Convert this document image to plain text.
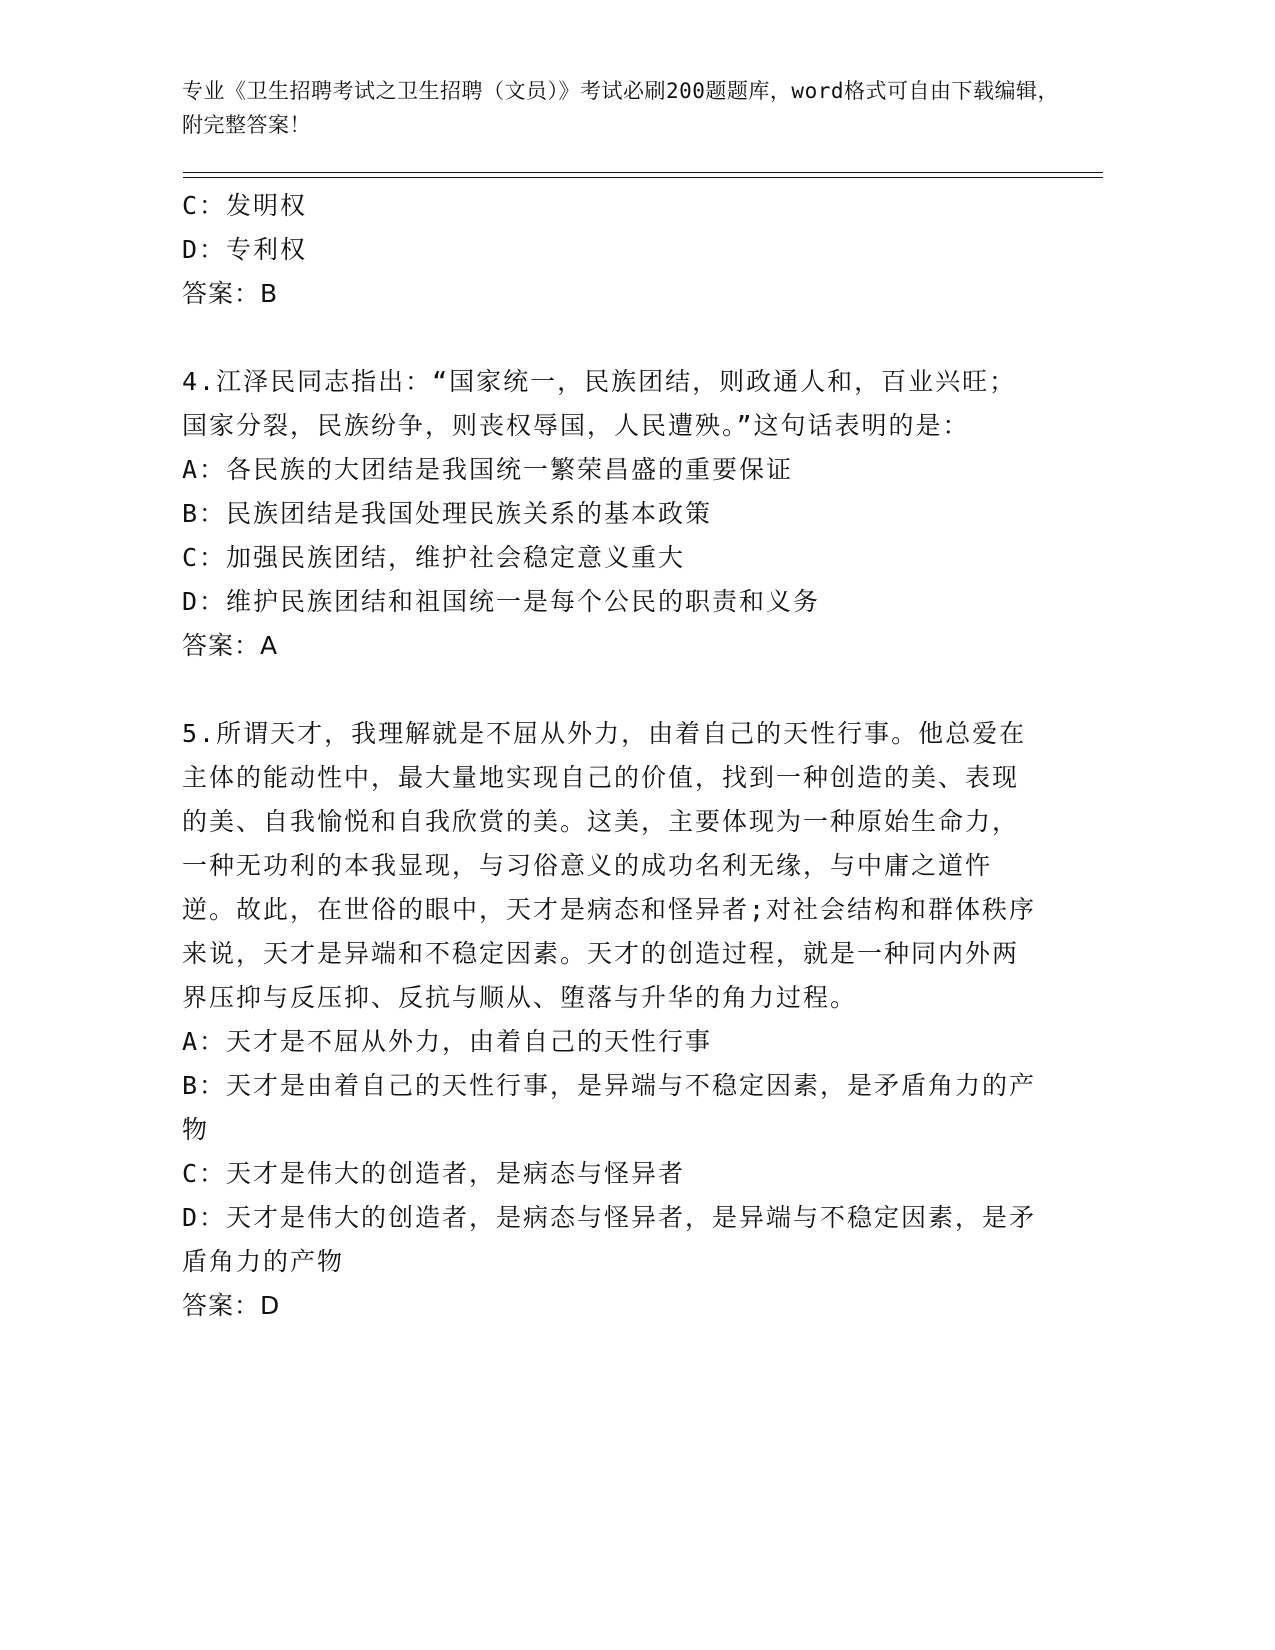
专业《卫生招聘考试之卫生招聘（文员）》考试必刷200题题库，word格式可自由下载编辑，附完整答案！
C：发明权
D：专利权
答案：B
4.江泽民同志指出：“国家统一，民族团结，则政通人和，百业兴旺；国家分裂，民族纷争，则丧权辱国，人民遭殃。”这句话表明的是：
A：各民族的大团结是我国统一繁荣昌盛的重要保证
B：民族团结是我国处理民族关系的基本政策
C：加强民族团结，维护社会稳定意义重大
D：维护民族团结和祖国统一是每个公民的职责和义务
答案：A
5.所谓天才，我理解就是不屈从外力，由着自己的天性行事。他总爱在主体的能动性中，最大量地实现自己的价值，找到一种创造的美、表现的美、自我愉悦和自我欣赏的美。这美，主要体现为一种原始生命力，一种无功利的本我显现，与习俗意义的成功名利无缘，与中庸之道忤逆。故此，在世俗的眼中，天才是病态和怪异者;对社会结构和群体秩序来说，天才是异端和不稳定因素。天才的创造过程，就是一种同内外两界压抑与反压抑、反抗与顺从、堕落与升华的角力过程。
A：天才是不屈从外力，由着自己的天性行事
B：天才是由着自己的天性行事，是异端与不稳定因素，是矛盾角力的产物
C：天才是伟大的创造者，是病态与怪异者
D：天才是伟大的创造者，是病态与怪异者，是异端与不稳定因素，是矛盾角力的产物
答案：D
